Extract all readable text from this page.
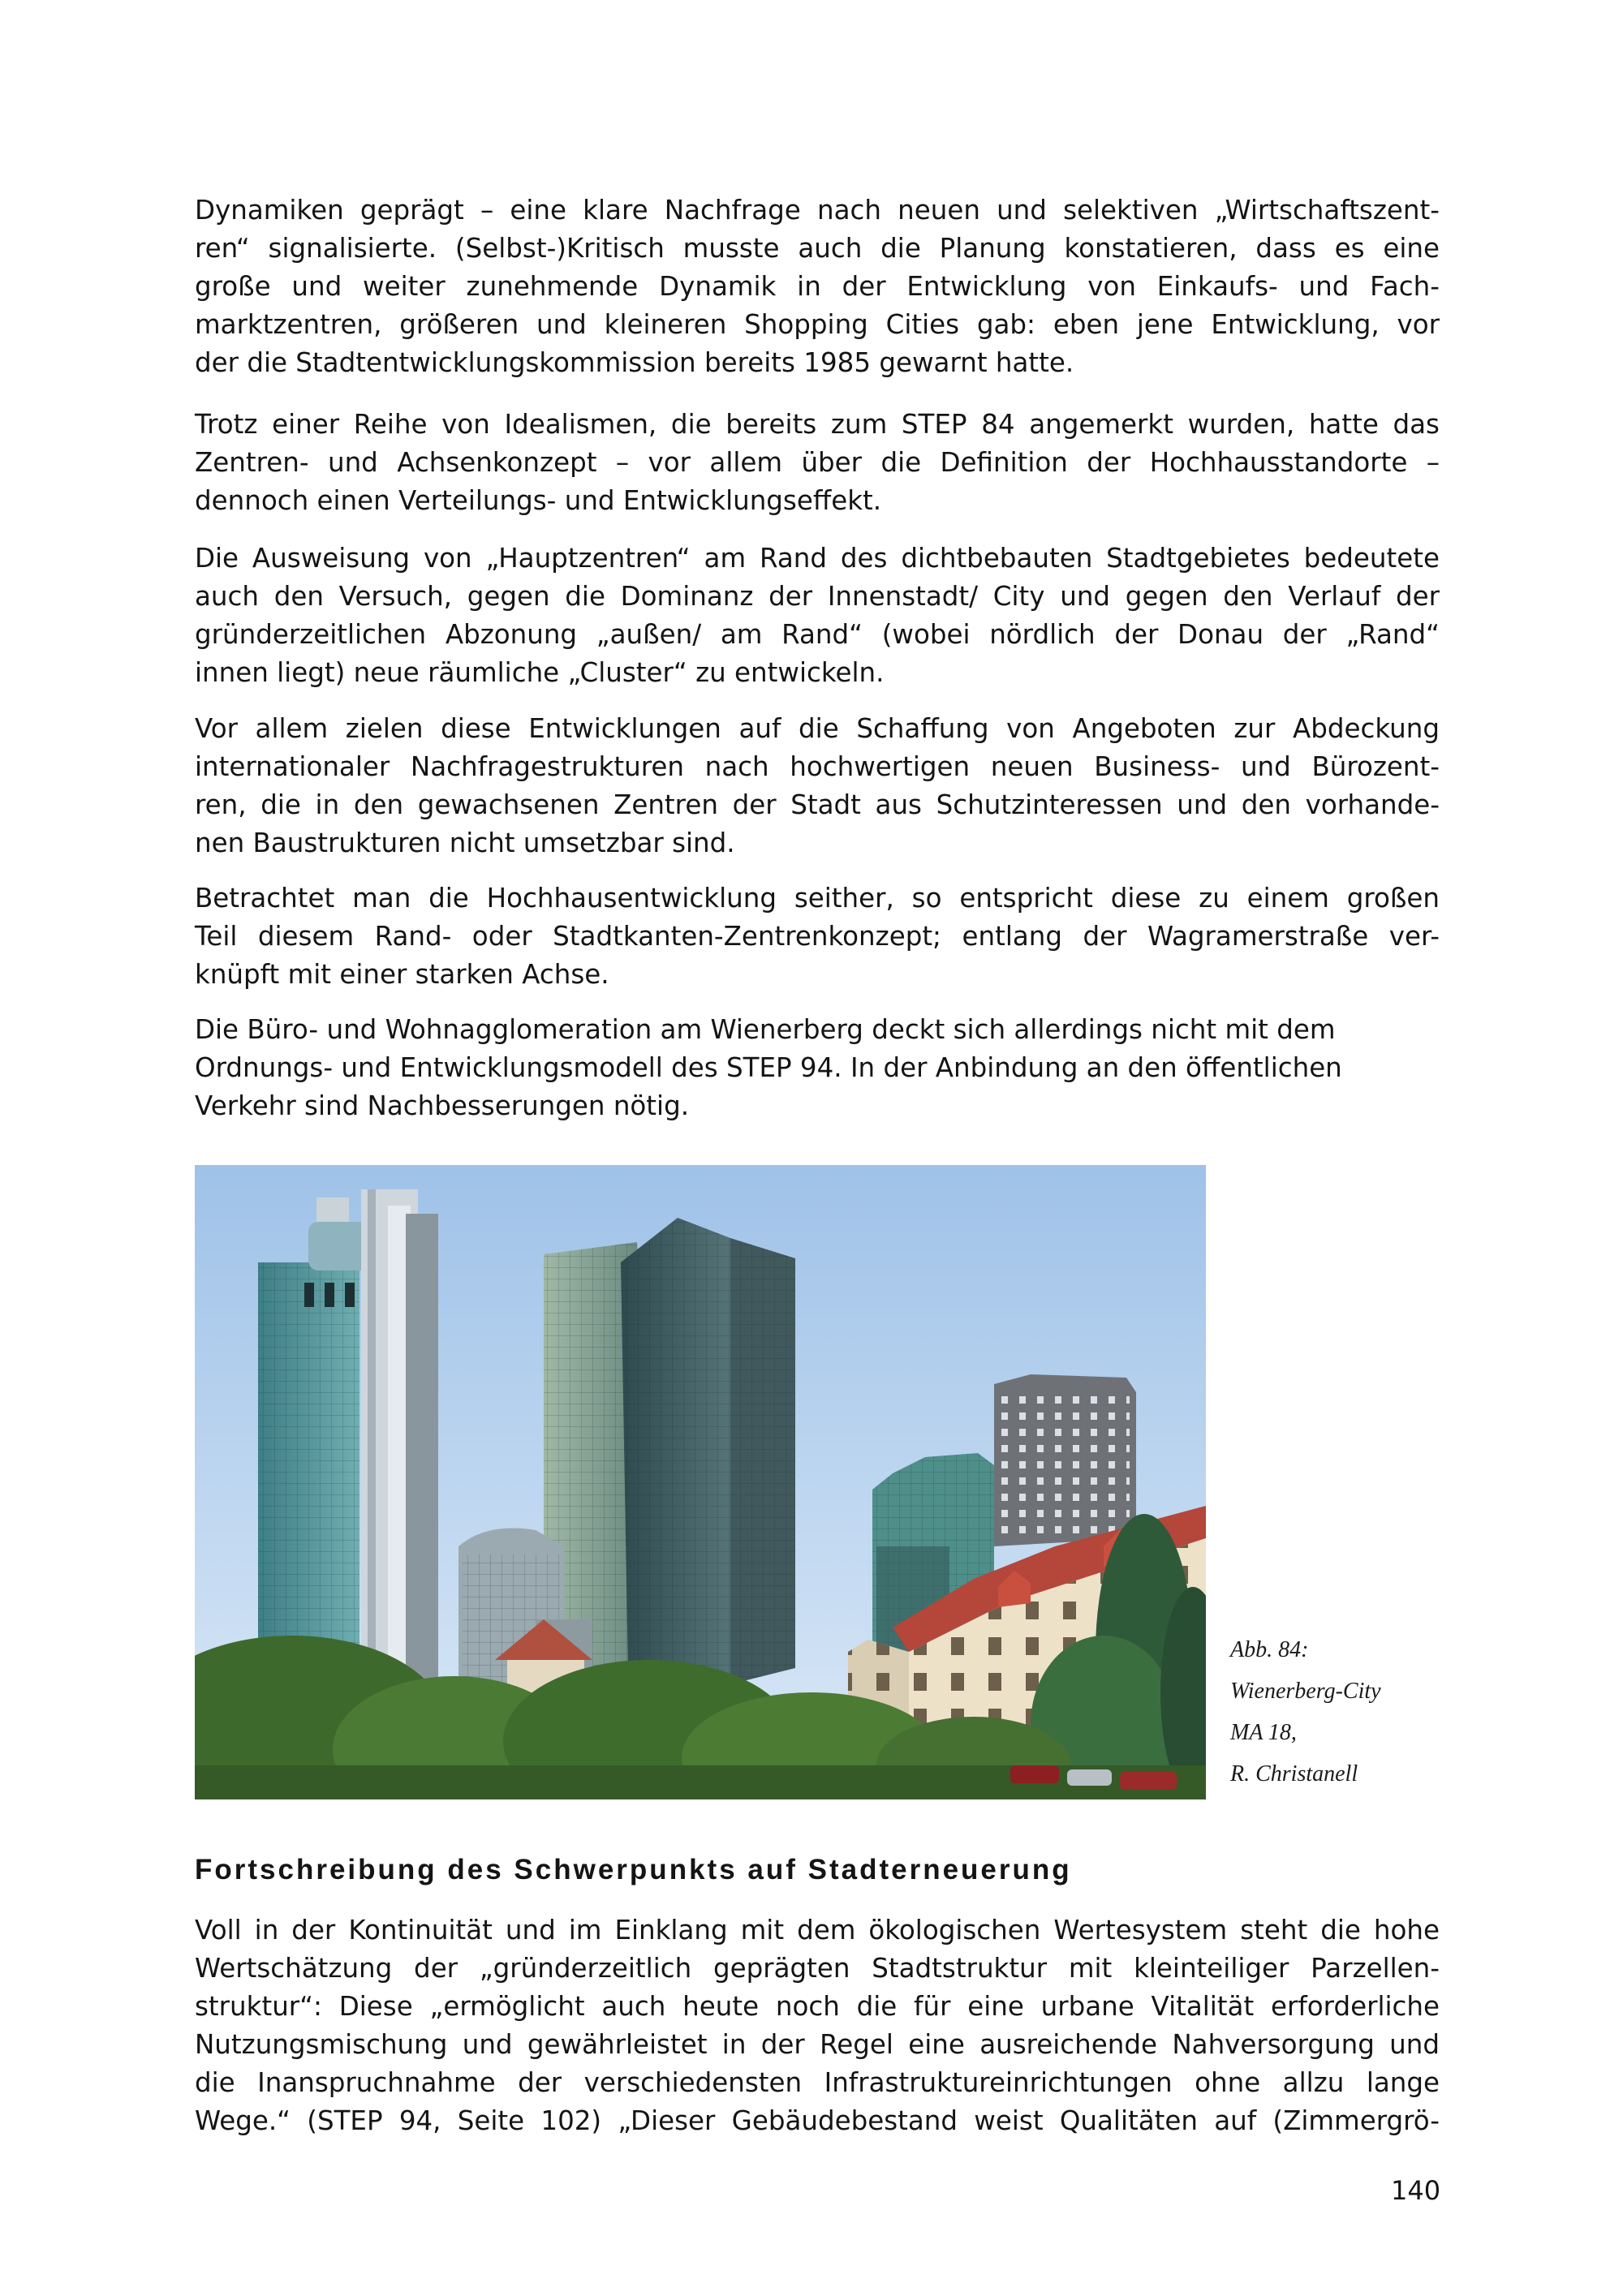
Dynamiken geprägt – eine klare Nachfrage nach neuen und selektiven „Wirtschaftszent-
ren“ signalisierte. (Selbst-)Kritisch musste auch die Planung konstatieren, dass es eine
große und weiter zunehmende Dynamik in der Entwicklung von Einkaufs- und Fach-
marktzentren, größeren und kleineren Shopping Cities gab: eben jene Entwicklung, vor
der die Stadtentwicklungskommission bereits 1985 gewarnt hatte.
Trotz einer Reihe von Idealismen, die bereits zum STEP 84 angemerkt wurden, hatte das
Zentren- und Achsenkonzept – vor allem über die Definition der Hochhausstandorte –
dennoch einen Verteilungs- und Entwicklungseffekt.
Die Ausweisung von „Hauptzentren“ am Rand des dichtbebauten Stadtgebietes bedeutete
auch den Versuch, gegen die Dominanz der Innenstadt/ City und gegen den Verlauf der
gründerzeitlichen Abzonung „außen/ am Rand“ (wobei nördlich der Donau der „Rand“
innen liegt) neue räumliche „Cluster“ zu entwickeln.
Vor allem zielen diese Entwicklungen auf die Schaffung von Angeboten zur Abdeckung
internationaler Nachfragestrukturen nach hochwertigen neuen Business- und Bürozent-
ren, die in den gewachsenen Zentren der Stadt aus Schutzinteressen und den vorhande-
nen Baustrukturen nicht umsetzbar sind.
Betrachtet man die Hochhausentwicklung seither, so entspricht diese zu einem großen
Teil diesem Rand- oder Stadtkanten-Zentrenkonzept; entlang der Wagramerstraße ver-
knüpft mit einer starken Achse.
Die Büro- und Wohnagglomeration am Wienerberg deckt sich allerdings nicht mit dem
Ordnungs- und Entwicklungsmodell des STEP 94. In der Anbindung an den öffentlichen
Verkehr sind Nachbesserungen nötig.
Abb. 84:
Wienerberg-City
MA 18,
R. Christanell
Fortschreibung des Schwerpunkts auf Stadterneuerung
Voll in der Kontinuität und im Einklang mit dem ökologischen Wertesystem steht die hohe
Wertschätzung der „gründerzeitlich geprägten Stadtstruktur mit kleinteiliger Parzellen-
struktur“: Diese „ermöglicht auch heute noch die für eine urbane Vitalität erforderliche
Nutzungsmischung und gewährleistet in der Regel eine ausreichende Nahversorgung und
die Inanspruchnahme der verschiedensten Infrastruktureinrichtungen ohne allzu lange
Wege.“ (STEP 94, Seite 102) „Dieser Gebäudebestand weist Qualitäten auf (Zimmergrö-
140
